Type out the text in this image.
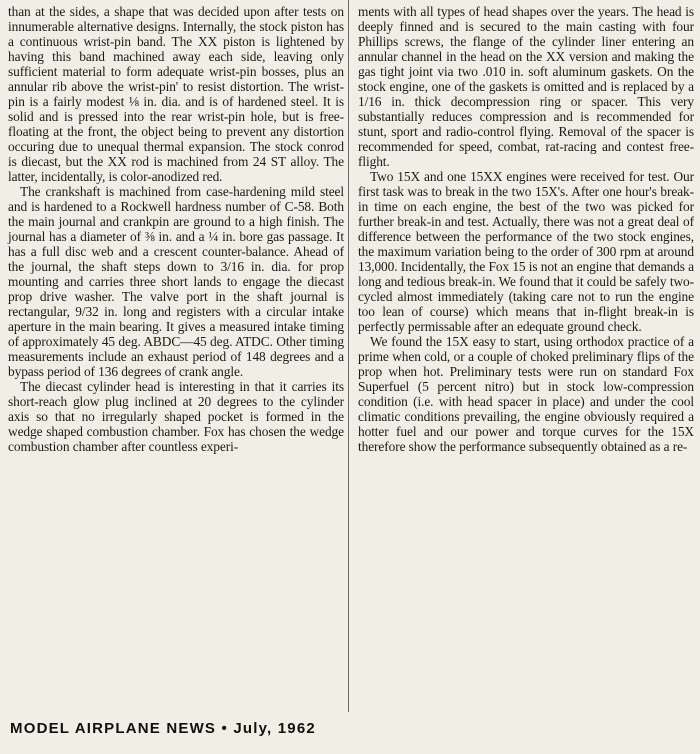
than at the sides, a shape that was decided upon after tests on innumerable alternative designs. Internally, the stock piston has a continuous wrist-pin band. The XX piston is lightened by having this band machined away each side, leaving only sufficient material to form adequate wrist-pin bosses, plus an annular rib above the wrist-pin' to resist distortion. The wrist-pin is a fairly modest ⅛ in. dia. and is of hardened steel. It is solid and is pressed into the rear wrist-pin hole, but is free-floating at the front, the object being to prevent any distortion occuring due to unequal thermal expansion. The stock conrod is diecast, but the XX rod is machined from 24 ST alloy. The latter, incidentally, is color-anodized red.

The crankshaft is machined from case-hardening mild steel and is hardened to a Rockwell hardness number of C-58. Both the main journal and crankpin are ground to a high finish. The journal has a diameter of ⅜ in. and a ¼ in. bore gas passage. It has a full disc web and a crescent counter-balance. Ahead of the journal, the shaft steps down to 3/16 in. dia. for prop mounting and carries three short lands to engage the diecast prop drive washer. The valve port in the shaft journal is rectangular, 9/32 in. long and registers with a circular intake aperture in the main bearing. It gives a measured intake timing of approximately 45 deg. ABDC—45 deg. ATDC. Other timing measurements include an exhaust period of 148 degrees and a bypass period of 136 degrees of crank angle.

The diecast cylinder head is interesting in that it carries its short-reach glow plug inclined at 20 degrees to the cylinder axis so that no irregularly shaped pocket is formed in the wedge shaped combustion chamber. Fox has chosen the wedge combustion chamber after countless experi-

ments with all types of head shapes over the years. The head is deeply finned and is secured to the main casting with four Phillips screws, the flange of the cylinder liner entering an annular channel in the head on the XX version and making the gas tight joint via two .010 in. soft aluminum gaskets. On the stock engine, one of the gaskets is omitted and is replaced by a 1/16 in. thick decompression ring or spacer. This very substantially reduces compression and is recommended for stunt, sport and radio-control flying. Removal of the spacer is recommended for speed, combat, rat-racing and contest free-flight.

Two 15X and one 15XX engines were received for test. Our first task was to break in the two 15X's. After one hour's break-in time on each engine, the best of the two was picked for further break-in and test. Actually, there was not a great deal of difference between the performance of the two stock engines, the maximum variation being to the order of 300 rpm at around 13,000. Incidentally, the Fox 15 is not an engine that demands a long and tedious break-in. We found that it could be safely two-cycled almost immediately (taking care not to run the engine too lean of course) which means that in-flight break-in is perfectly permissable after an edequate ground check.

We found the 15X easy to start, using orthodox practice of a prime when cold, or a couple of choked preliminary flips of the prop when hot. Preliminary tests were run on standard Fox Superfuel (5 percent nitro) but in stock low-compression condition (i.e. with head spacer in place) and under the cool climatic conditions prevailing, the engine obviously required a hotter fuel and our power and torque curves for the 15X therefore show the performance subsequently obtained as a re-

MODEL AIRPLANE NEWS • July, 1962
